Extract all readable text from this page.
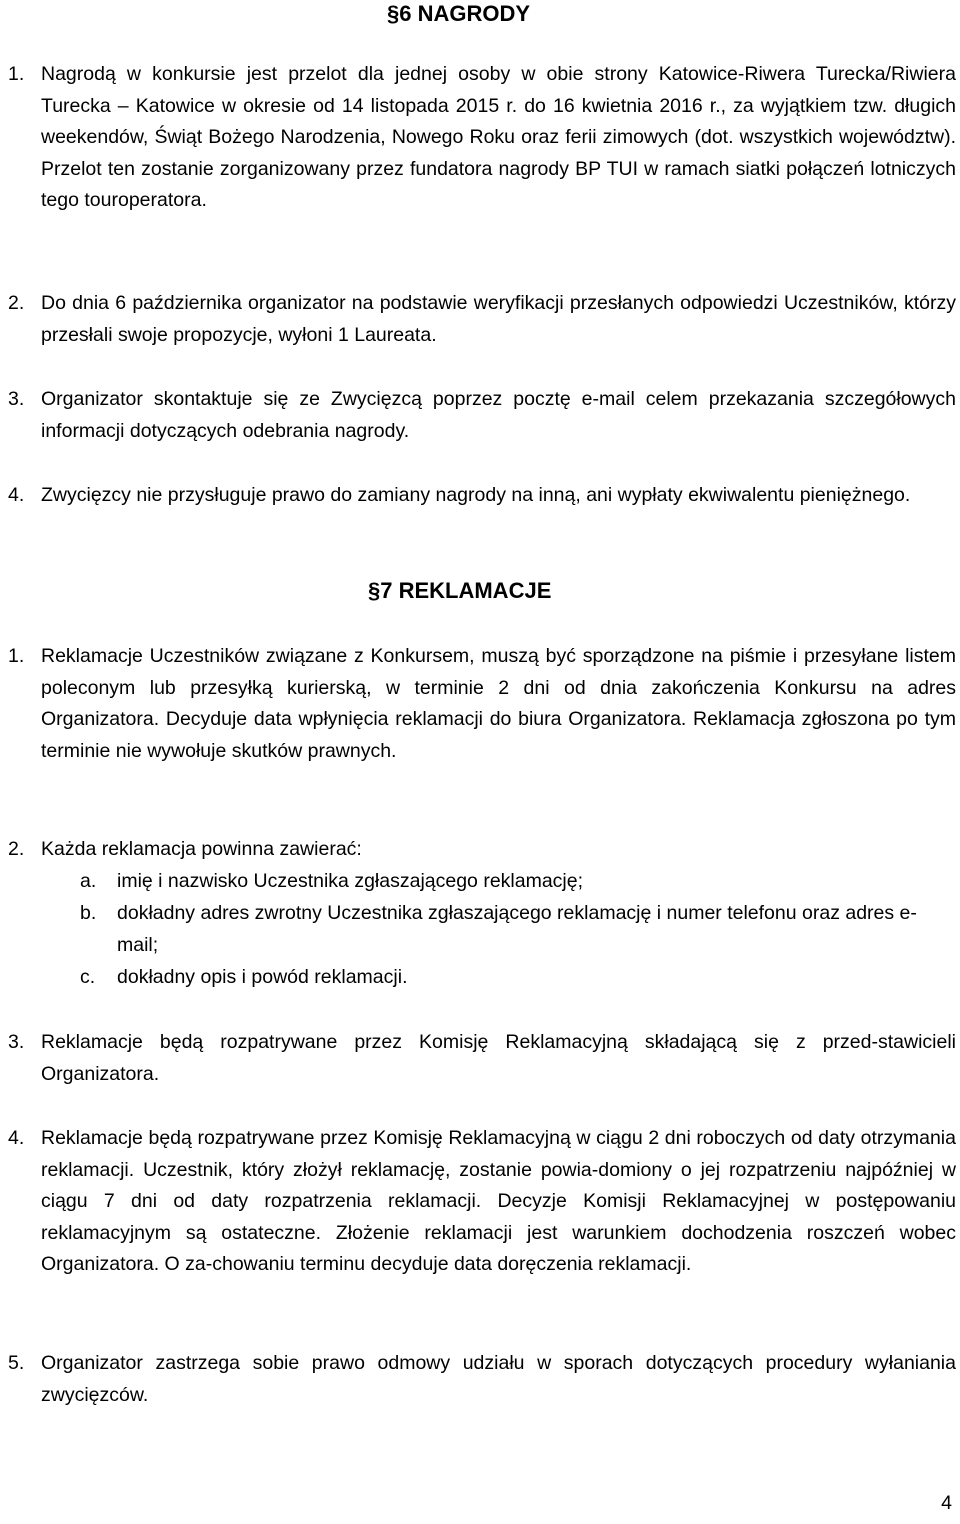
§6 NAGRODY
1. Nagrodą w konkursie jest przelot dla jednej osoby w obie strony Katowice-Riwera Turecka/Riwiera Turecka – Katowice w okresie od 14 listopada 2015 r. do 16 kwietnia 2016 r., za wyjątkiem tzw. długich weekendów, Świąt Bożego Narodzenia, Nowego Roku oraz ferii zimowych (dot. wszystkich województw). Przelot ten zostanie zorganizowany przez fundatora nagrody BP TUI w ramach siatki połączeń lotniczych tego touroperatora.
2. Do dnia 6 października organizator na podstawie weryfikacji przesłanych odpowiedzi Uczestników, którzy przesłali swoje propozycje, wyłoni 1 Laureata.
3. Organizator skontaktuje się ze Zwycięzcą poprzez pocztę e-mail celem przekazania szczegółowych informacji dotyczących odebrania nagrody.
4. Zwycięzcy nie przysługuje prawo do zamiany nagrody na inną, ani wypłaty ekwiwalentu pieniężnego.
§7 REKLAMACJE
1. Reklamacje Uczestników związane z Konkursem, muszą być sporządzone na piśmie i przesyłane listem poleconym lub przesyłką kurierską, w terminie 2 dni od dnia zakończenia Konkursu na adres Organizatora. Decyduje data wpłynięcia reklamacji do biura Organizatora. Reklamacja zgłoszona po tym terminie nie wywołuje skutków prawnych.
2. Każda reklamacja powinna zawierać:
a. imię i nazwisko Uczestnika zgłaszającego reklamację;
b. dokładny adres zwrotny Uczestnika zgłaszającego reklamację i numer telefonu oraz adres e-mail;
c. dokładny opis i powód reklamacji.
3. Reklamacje będą rozpatrywane przez Komisję Reklamacyjną składającą się z przed-stawicieli Organizatora.
4. Reklamacje będą rozpatrywane przez Komisję Reklamacyjną w ciągu 2 dni roboczych od daty otrzymania reklamacji. Uczestnik, który złożył reklamację, zostanie powia-domiony o jej rozpatrzeniu najpóźniej w ciągu 7 dni od daty rozpatrzenia reklamacji. Decyzje Komisji Reklamacyjnej w postępowaniu reklamacyjnym są ostateczne. Złożenie reklamacji jest warunkiem dochodzenia roszczeń wobec Organizatora. O za-chowaniu terminu decyduje data doręczenia reklamacji.
5. Organizator zastrzega sobie prawo odmowy udziału w sporach dotyczących procedury wyłaniania zwycięzców.
4
